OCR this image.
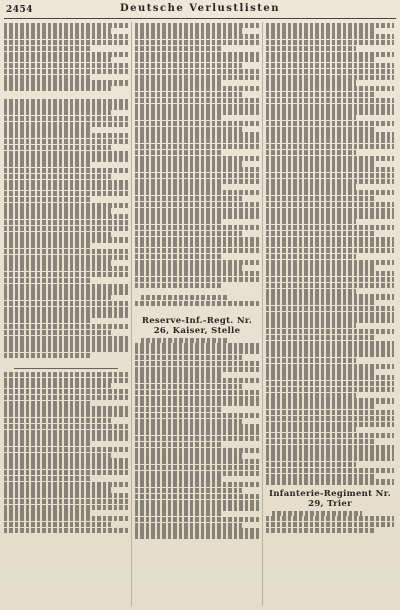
2454	Deutsche Verlustlisten
Reserve-Inf.-Regt. Nr. 26, Kaiser, Stelle
Infanterie-Regiment Nr. 29, Trier
